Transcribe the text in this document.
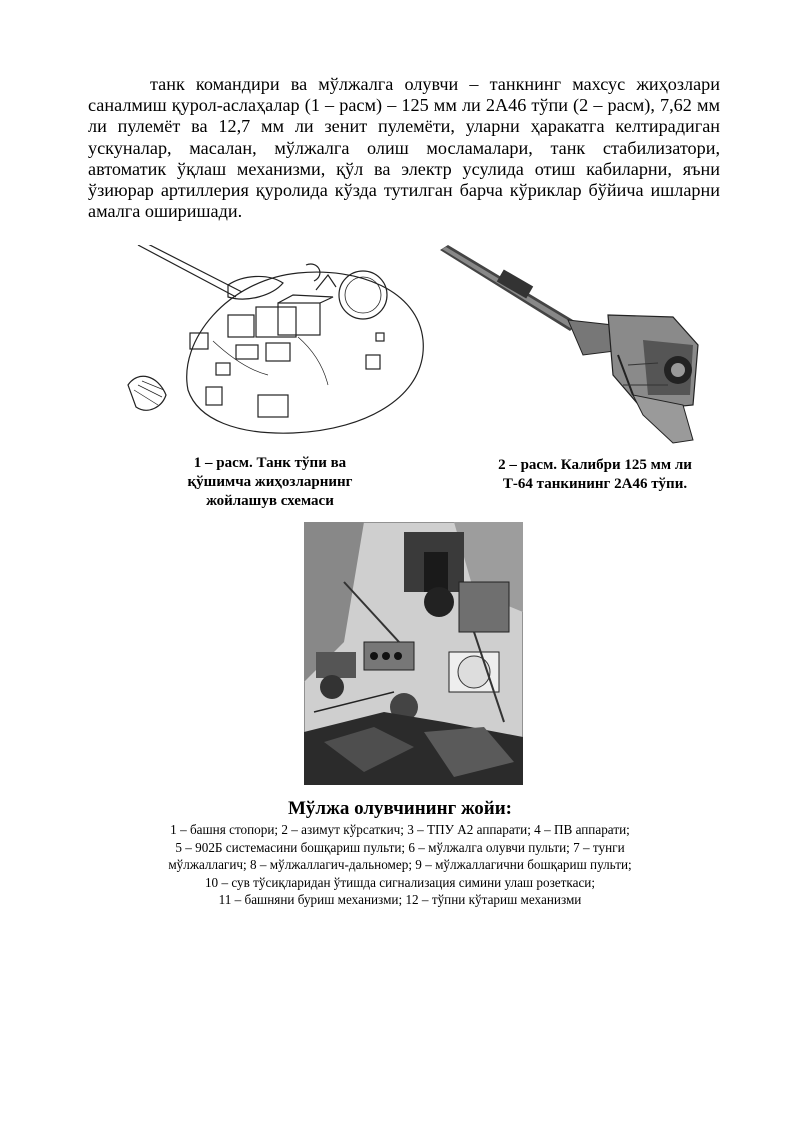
танк командири ва мўлжалга олувчи – танкнинг махсус жиҳозлари саналмиш қурол-аслаҳалар (1 – расм) – 125 мм ли 2А46 тўпи (2 – расм), 7,62 мм ли пулемёт ва 12,7 мм ли зенит пулемёти, уларни ҳаракатга келтирадиган ускуналар, масалан, мўлжалга олиш мосламалари, танк стабилизатори, автоматик ўқлаш механизми, қўл ва электр усулида отиш кабиларни, яъни ўзиюрар артиллерия қуролида кўзда тутилган барча кўриклар бўйича ишларни амалга оширишади.

1 – расм. Танк тўпи ва
қўшимча жиҳозларнинг
жойлашув схемаси

2 – расм. Калибри 125 мм ли
Т-64 танкининг 2А46 тўпи.

Мўлжа олувчининг жойи:

1 – башня стопори; 2 – азимут кўрсаткич; 3 – ТПУ А2 аппарати; 4 – ПВ аппарати;
5 – 902Б системасини бошқариш пульти; 6 – мўлжалга олувчи пульти; 7 – тунги
мўлжаллагич; 8 – мўлжаллагич-дальномер; 9 – мўлжаллагични бошқариш пульти;
10 – сув тўсиқларидан ўтишда сигнализация симини улаш розеткаси;
11 – башняни буриш механизми; 12 – тўпни кўтариш механизми
